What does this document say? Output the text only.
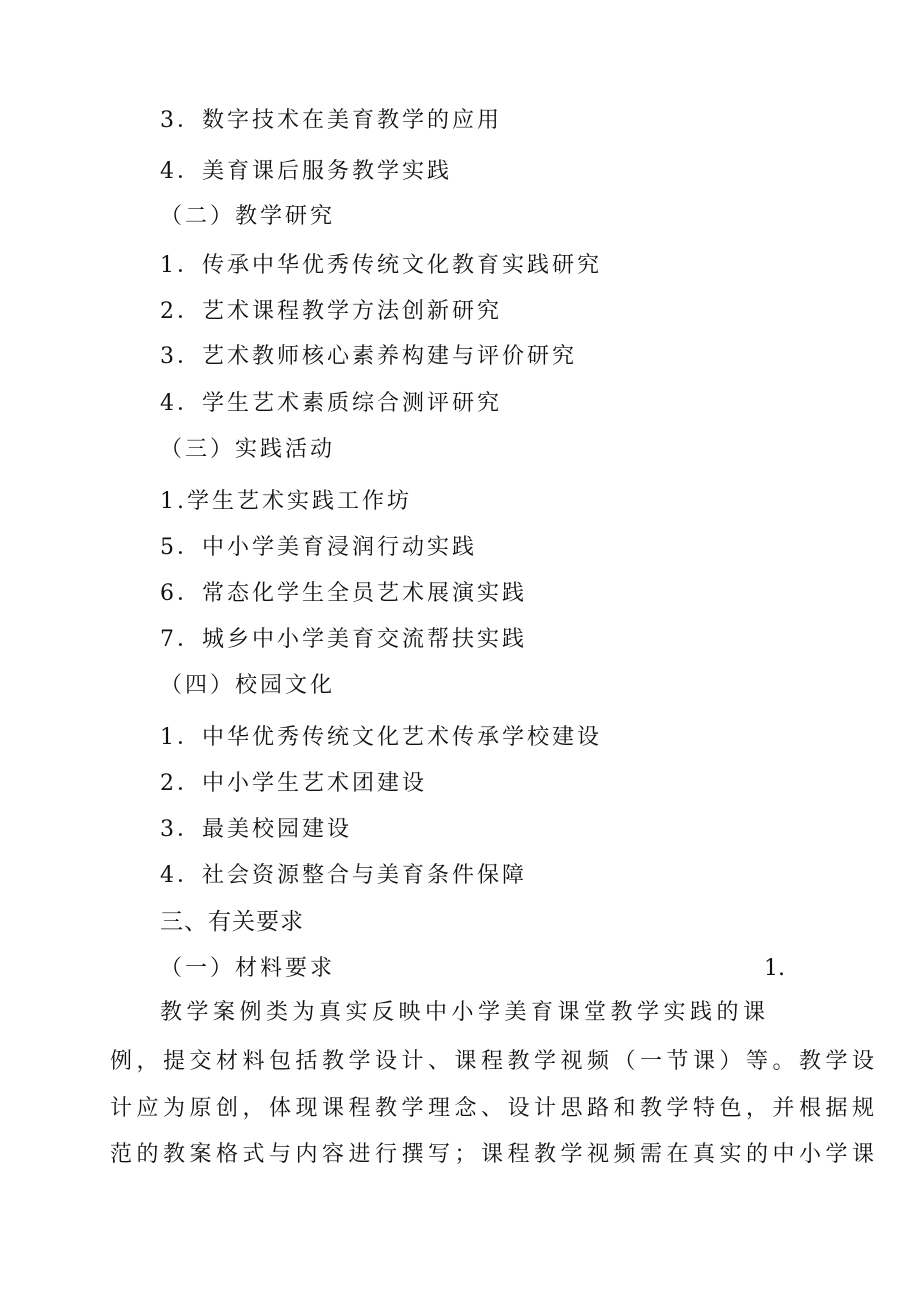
3．数字技术在美育教学的应用
4．美育课后服务教学实践
（二）教学研究
1．传承中华优秀传统文化教育实践研究
2．艺术课程教学方法创新研究
3．艺术教师核心素养构建与评价研究
4．学生艺术素质综合测评研究
（三）实践活动
1.学生艺术实践工作坊
5．中小学美育浸润行动实践
6．常态化学生全员艺术展演实践
7．城乡中小学美育交流帮扶实践
（四）校园文化
1．中华优秀传统文化艺术传承学校建设
2．中小学生艺术团建设
3．最美校园建设
4．社会资源整合与美育条件保障
三、有关要求
（一）材料要求	1.
教学案例类为真实反映中小学美育课堂教学实践的课
例，提交材料包括教学设计、课程教学视频（一节课）等。教学设
计应为原创，体现课程教学理念、设计思路和教学特色，并根据规
范的教案格式与内容进行撰写；课程教学视频需在真实的中小学课
